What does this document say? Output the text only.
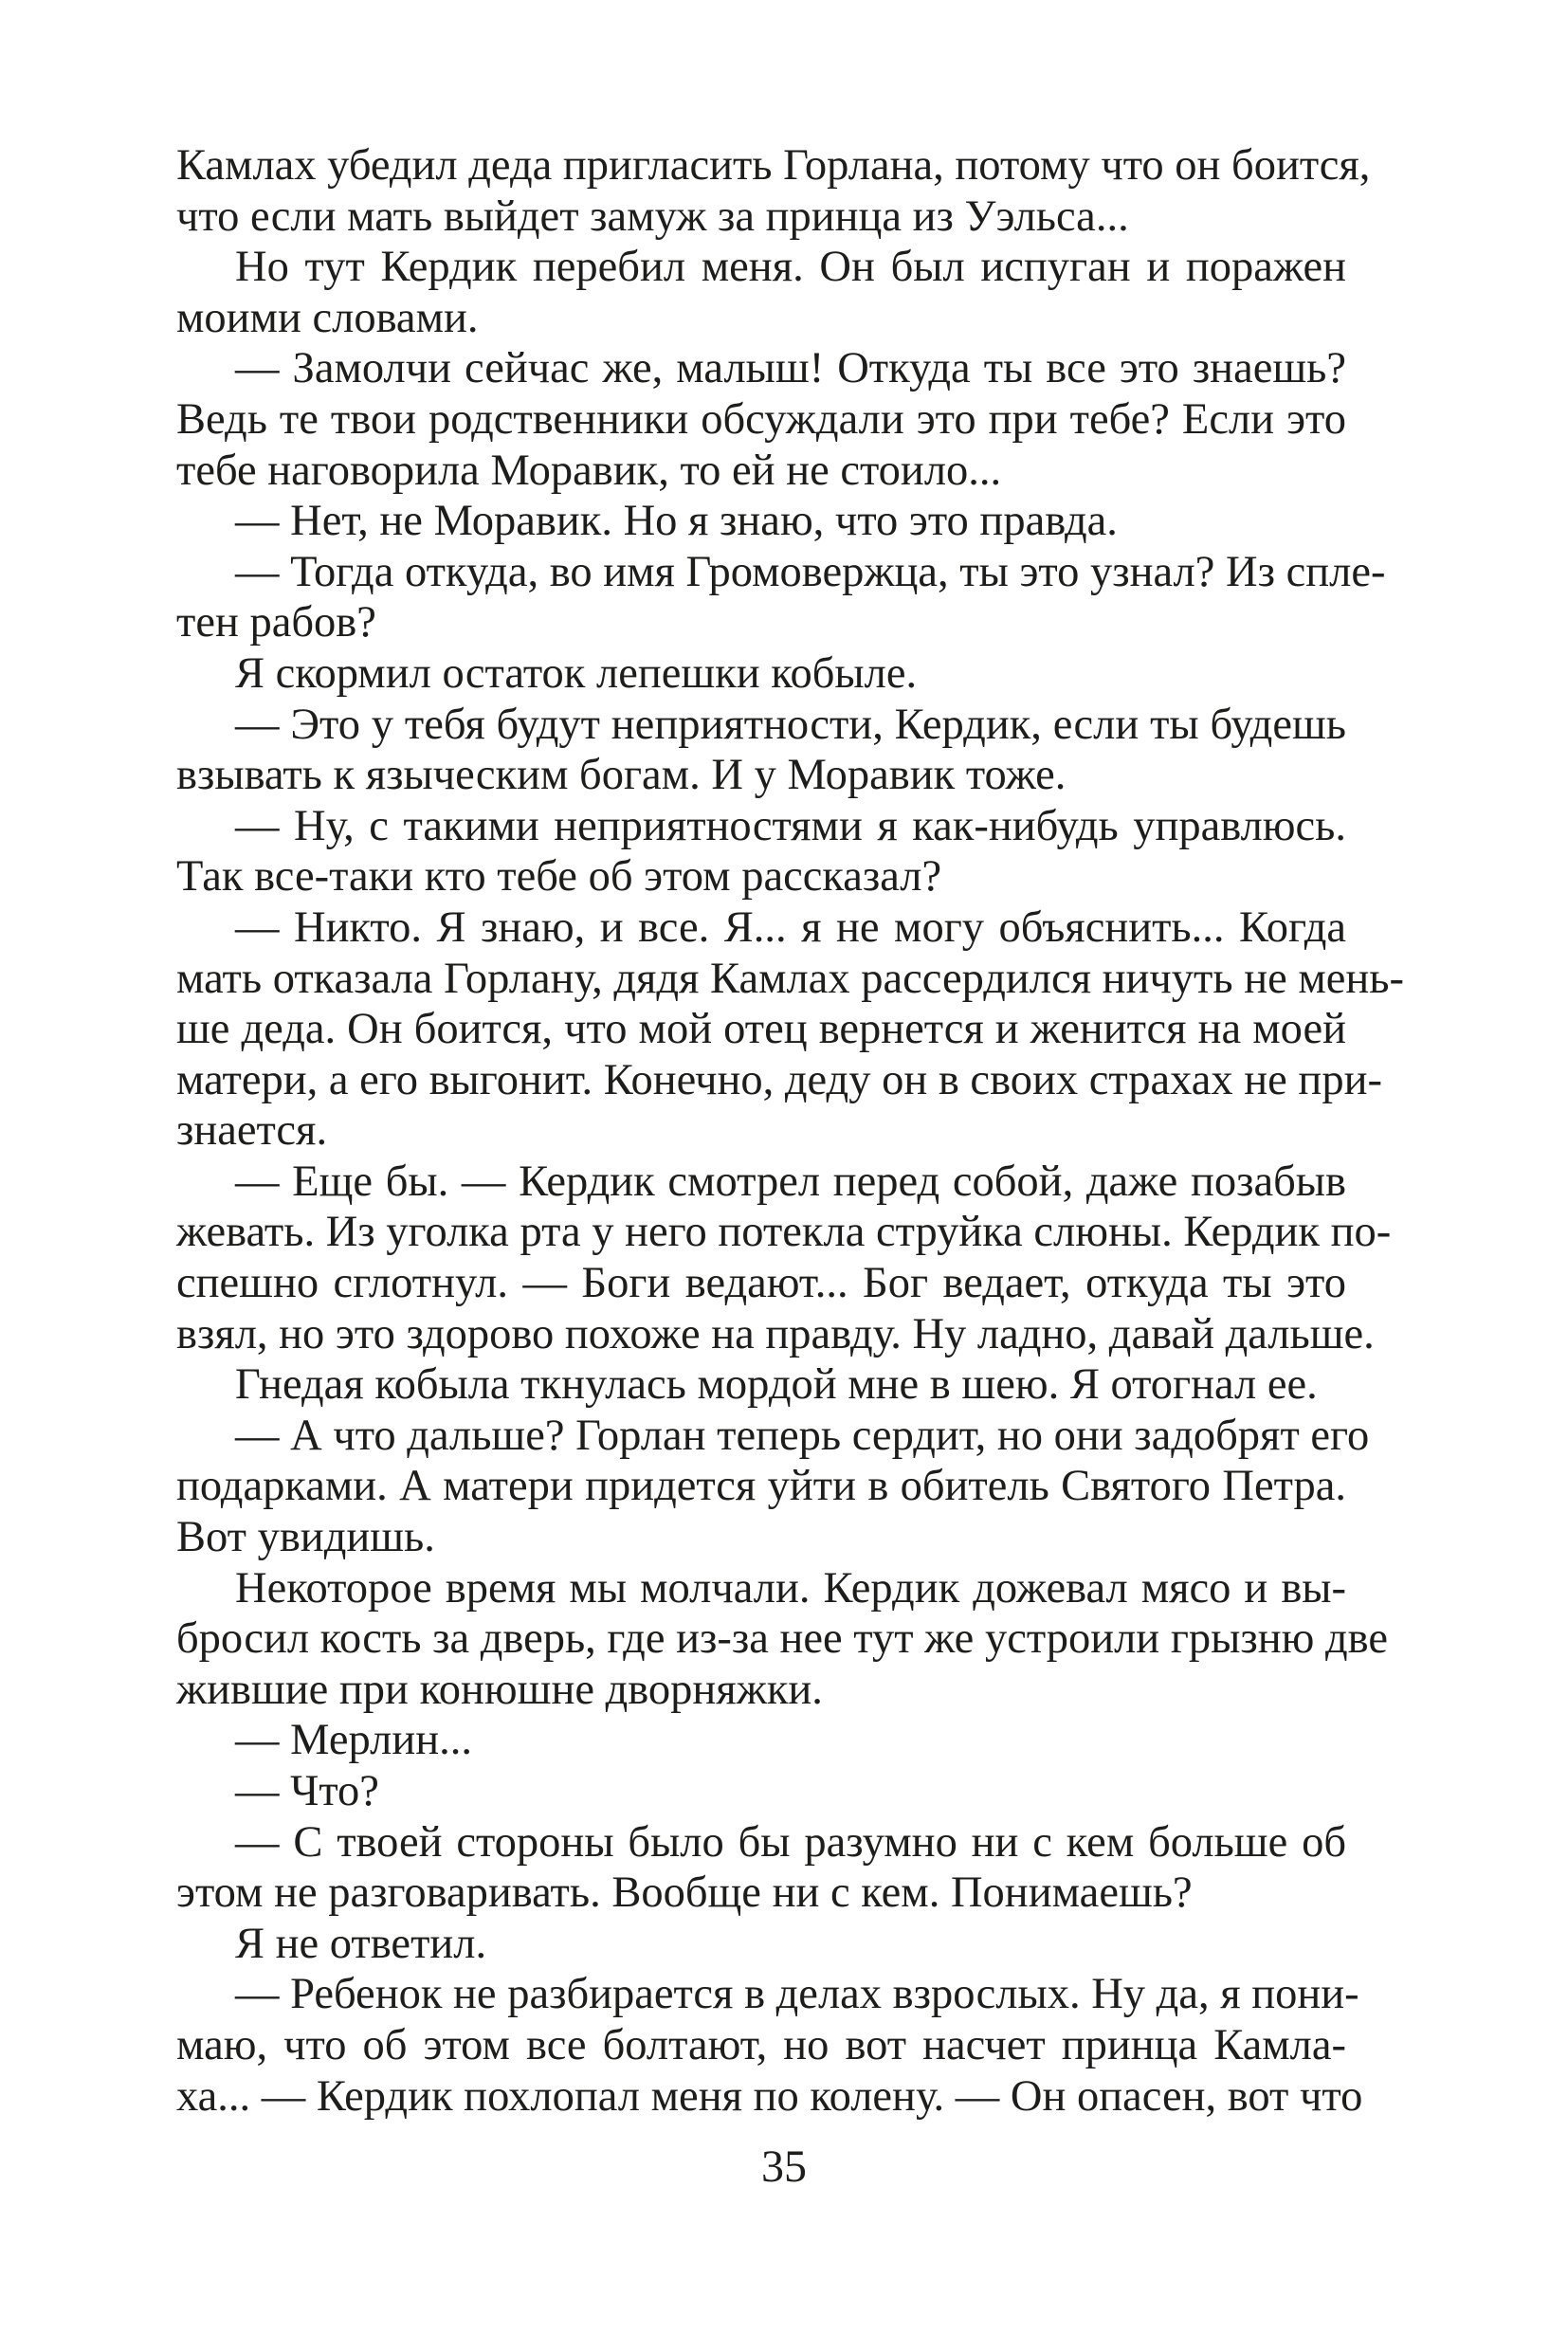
Камлах убедил деда пригласить Горлана, потому что он боится,
что если мать выйдет замуж за принца из Уэльса...
Но тут Кердик перебил меня. Он был испуган и поражен
моими словами.
— Замолчи сейчас же, малыш! Откуда ты все это знаешь?
Ведь те твои родственники обсуждали это при тебе? Если это
тебе наговорила Моравик, то ей не стоило...
— Нет, не Моравик. Но я знаю, что это правда.
— Тогда откуда, во имя Громовержца, ты это узнал? Из спле-
тен рабов?
Я скормил остаток лепешки кобыле.
— Это у тебя будут неприятности, Кердик, если ты будешь
взывать к языческим богам. И у Моравик тоже.
— Ну, с такими неприятностями я как-нибудь управлюсь.
Так все-таки кто тебе об этом рассказал?
— Никто. Я знаю, и все. Я... я не могу объяснить... Когда
мать отказала Горлану, дядя Камлах рассердился ничуть не мень-
ше деда. Он боится, что мой отец вернется и женится на моей
матери, а его выгонит. Конечно, деду он в своих страхах не при-
знается.
— Еще бы. — Кердик смотрел перед собой, даже позабыв
жевать. Из уголка рта у него потекла струйка слюны. Кердик по-
спешно сглотнул. — Боги ведают... Бог ведает, откуда ты это
взял, но это здорово похоже на правду. Ну ладно, давай дальше.
Гнедая кобыла ткнулась мордой мне в шею. Я отогнал ее.
— А что дальше? Горлан теперь сердит, но они задобрят его
подарками. А матери придется уйти в обитель Святого Петра.
Вот увидишь.
Некоторое время мы молчали. Кердик дожевал мясо и вы-
бросил кость за дверь, где из-за нее тут же устроили грызню две
жившие при конюшне дворняжки.
— Мерлин...
— Что?
— С твоей стороны было бы разумно ни с кем больше об
этом не разговаривать. Вообще ни с кем. Понимаешь?
Я не ответил.
— Ребенок не разбирается в делах взрослых. Ну да, я пони-
маю, что об этом все болтают, но вот насчет принца Камла-
ха... — Кердик похлопал меня по колену. — Он опасен, вот что
35
